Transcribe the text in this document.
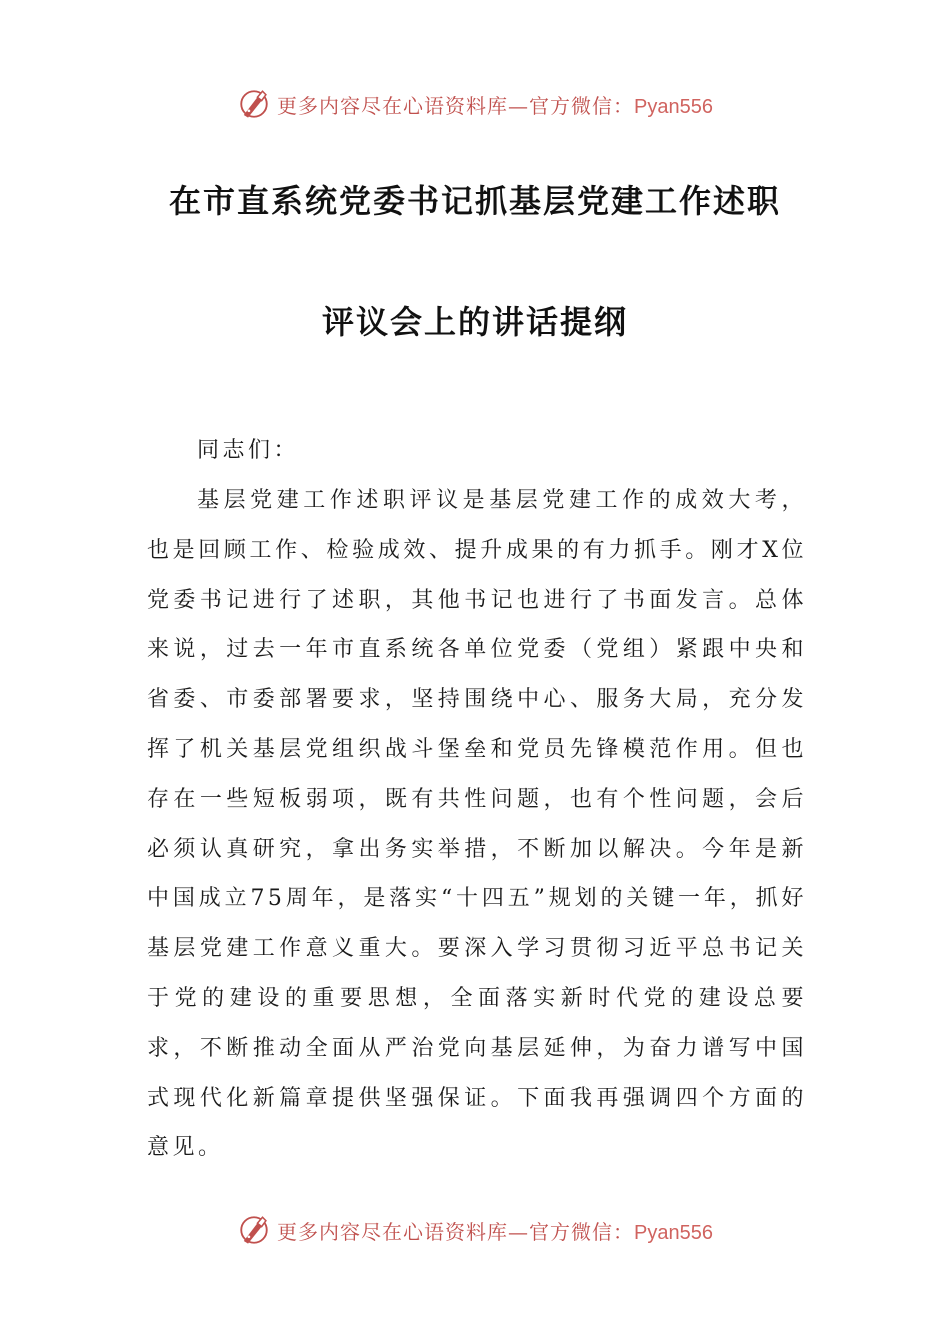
更多内容尽在心语资料库—官方微信：Pyan556
在市直系统党委书记抓基层党建工作述职
评议会上的讲话提纲
同志们：
基层党建工作述职评议是基层党建工作的成效大考，也是回顾工作、检验成效、提升成果的有力抓手。刚才X位党委书记进行了述职，其他书记也进行了书面发言。总体来说，过去一年市直系统各单位党委（党组）紧跟中央和省委、市委部署要求，坚持围绕中心、服务大局，充分发挥了机关基层党组织战斗堡垒和党员先锋模范作用。但也存在一些短板弱项，既有共性问题，也有个性问题，会后必须认真研究，拿出务实举措，不断加以解决。今年是新中国成立75周年，是落实“十四五”规划的关键一年，抓好基层党建工作意义重大。要深入学习贯彻习近平总书记关于党的建设的重要思想，全面落实新时代党的建设总要求，不断推动全面从严治党向基层延伸，为奋力谱写中国式现代化新篇章提供坚强保证。下面我再强调四个方面的意见。
更多内容尽在心语资料库—官方微信：Pyan556
